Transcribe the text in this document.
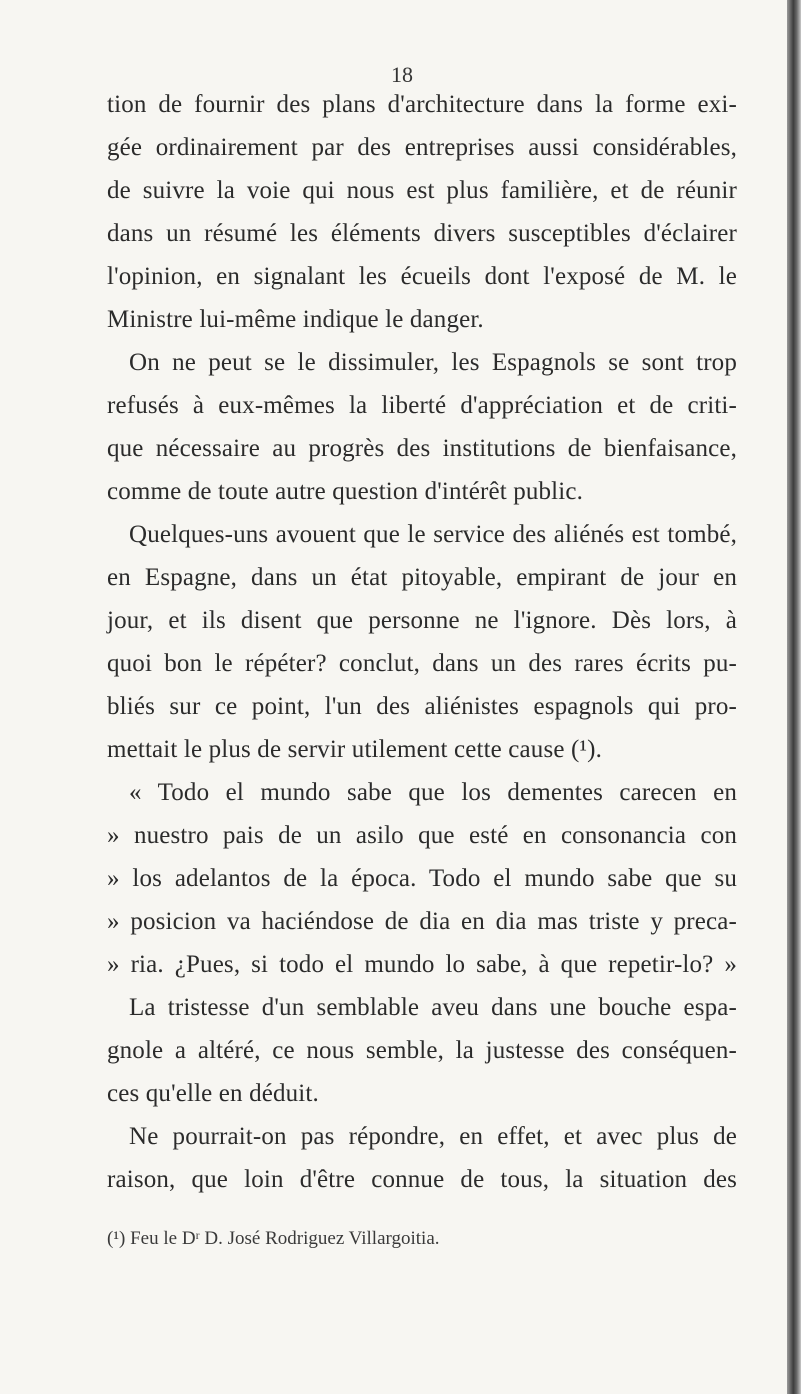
18
tion de fournir des plans d'architecture dans la forme exi-
gée ordinairement par des entreprises aussi considérables,
de suivre la voie qui nous est plus familière, et de réunir
dans un résumé les éléments divers susceptibles d'éclairer
l'opinion, en signalant les écueils dont l'exposé de M. le
Ministre lui-même indique le danger.
On ne peut se le dissimuler, les Espagnols se sont trop
refusés à eux-mêmes la liberté d'appréciation et de criti-
que nécessaire au progrès des institutions de bienfaisance,
comme de toute autre question d'intérêt public.
Quelques-uns avouent que le service des aliénés est tombé,
en Espagne, dans un état pitoyable, empirant de jour en
jour, et ils disent que personne ne l'ignore. Dès lors, à
quoi bon le répéter? conclut, dans un des rares écrits pu-
bliés sur ce point, l'un des aliénistes espagnols qui pro-
mettait le plus de servir utilement cette cause (¹).
« Todo el mundo sabe que los dementes carecen en
» nuestro pais de un asilo que esté en consonancia con
» los adelantos de la época. Todo el mundo sabe que su
» posicion va haciéndose de dia en dia mas triste y preca-
» ria. ¿Pues, si todo el mundo lo sabe, à que repetir-lo? »
La tristesse d'un semblable aveu dans une bouche espa-
gnole a altéré, ce nous semble, la justesse des conséquen-
ces qu'elle en déduit.
Ne pourrait-on pas répondre, en effet, et avec plus de
raison, que loin d'être connue de tous, la situation des
(¹) Feu le Dʳ D. José Rodriguez Villargoitia.
